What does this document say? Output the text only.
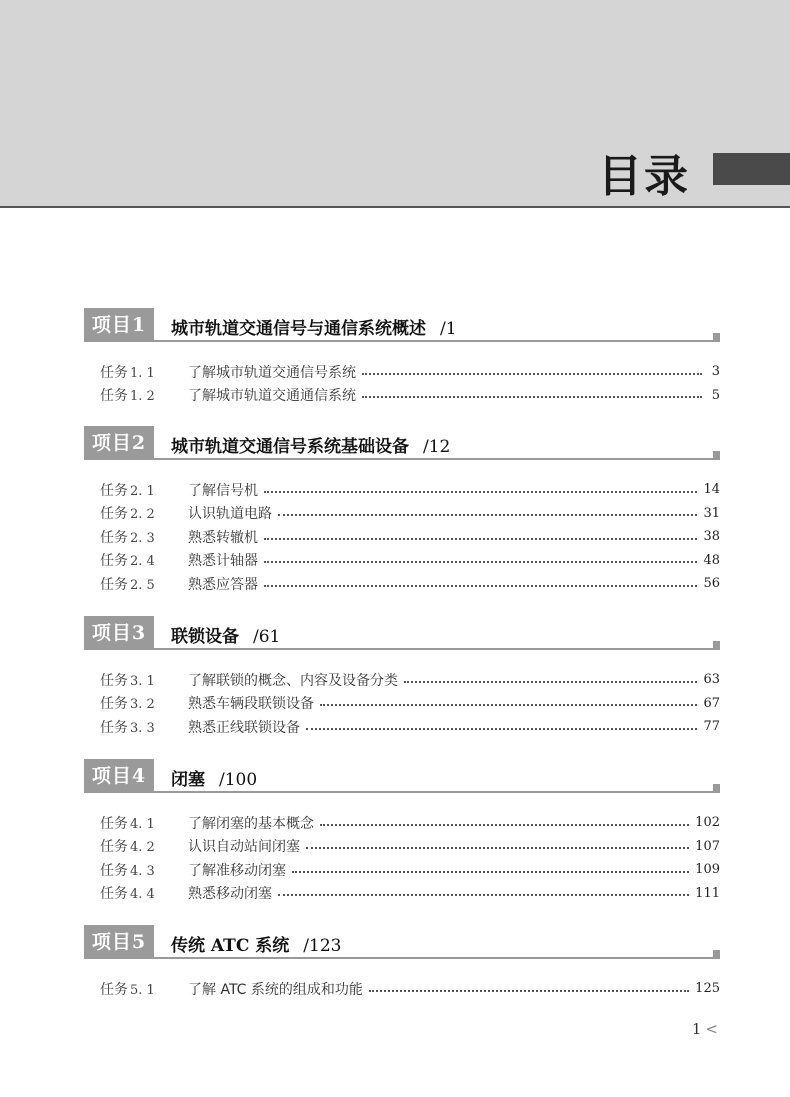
目录
项目1	城市轨道交通信号与通信系统概述 /1
任务 1. 1	了解城市轨道交通信号系统	3
任务 1. 2	了解城市轨道交通通信系统	5
项目2	城市轨道交通信号系统基础设备 /12
任务 2. 1	了解信号机	14
任务 2. 2	认识轨道电路	31
任务 2. 3	熟悉转辙机	38
任务 2. 4	熟悉计轴器	48
任务 2. 5	熟悉应答器	56
项目3	联锁设备 /61
任务 3. 1	了解联锁的概念、内容及设备分类	63
任务 3. 2	熟悉车辆段联锁设备	67
任务 3. 3	熟悉正线联锁设备	77
项目4	闭塞 /100
任务 4. 1	了解闭塞的基本概念	102
任务 4. 2	认识自动站间闭塞	107
任务 4. 3	了解准移动闭塞	109
任务 4. 4	熟悉移动闭塞	111
项目5	传统 ATC 系统 /123
任务 5. 1	了解 ATC 系统的组成和功能	125
1 <
